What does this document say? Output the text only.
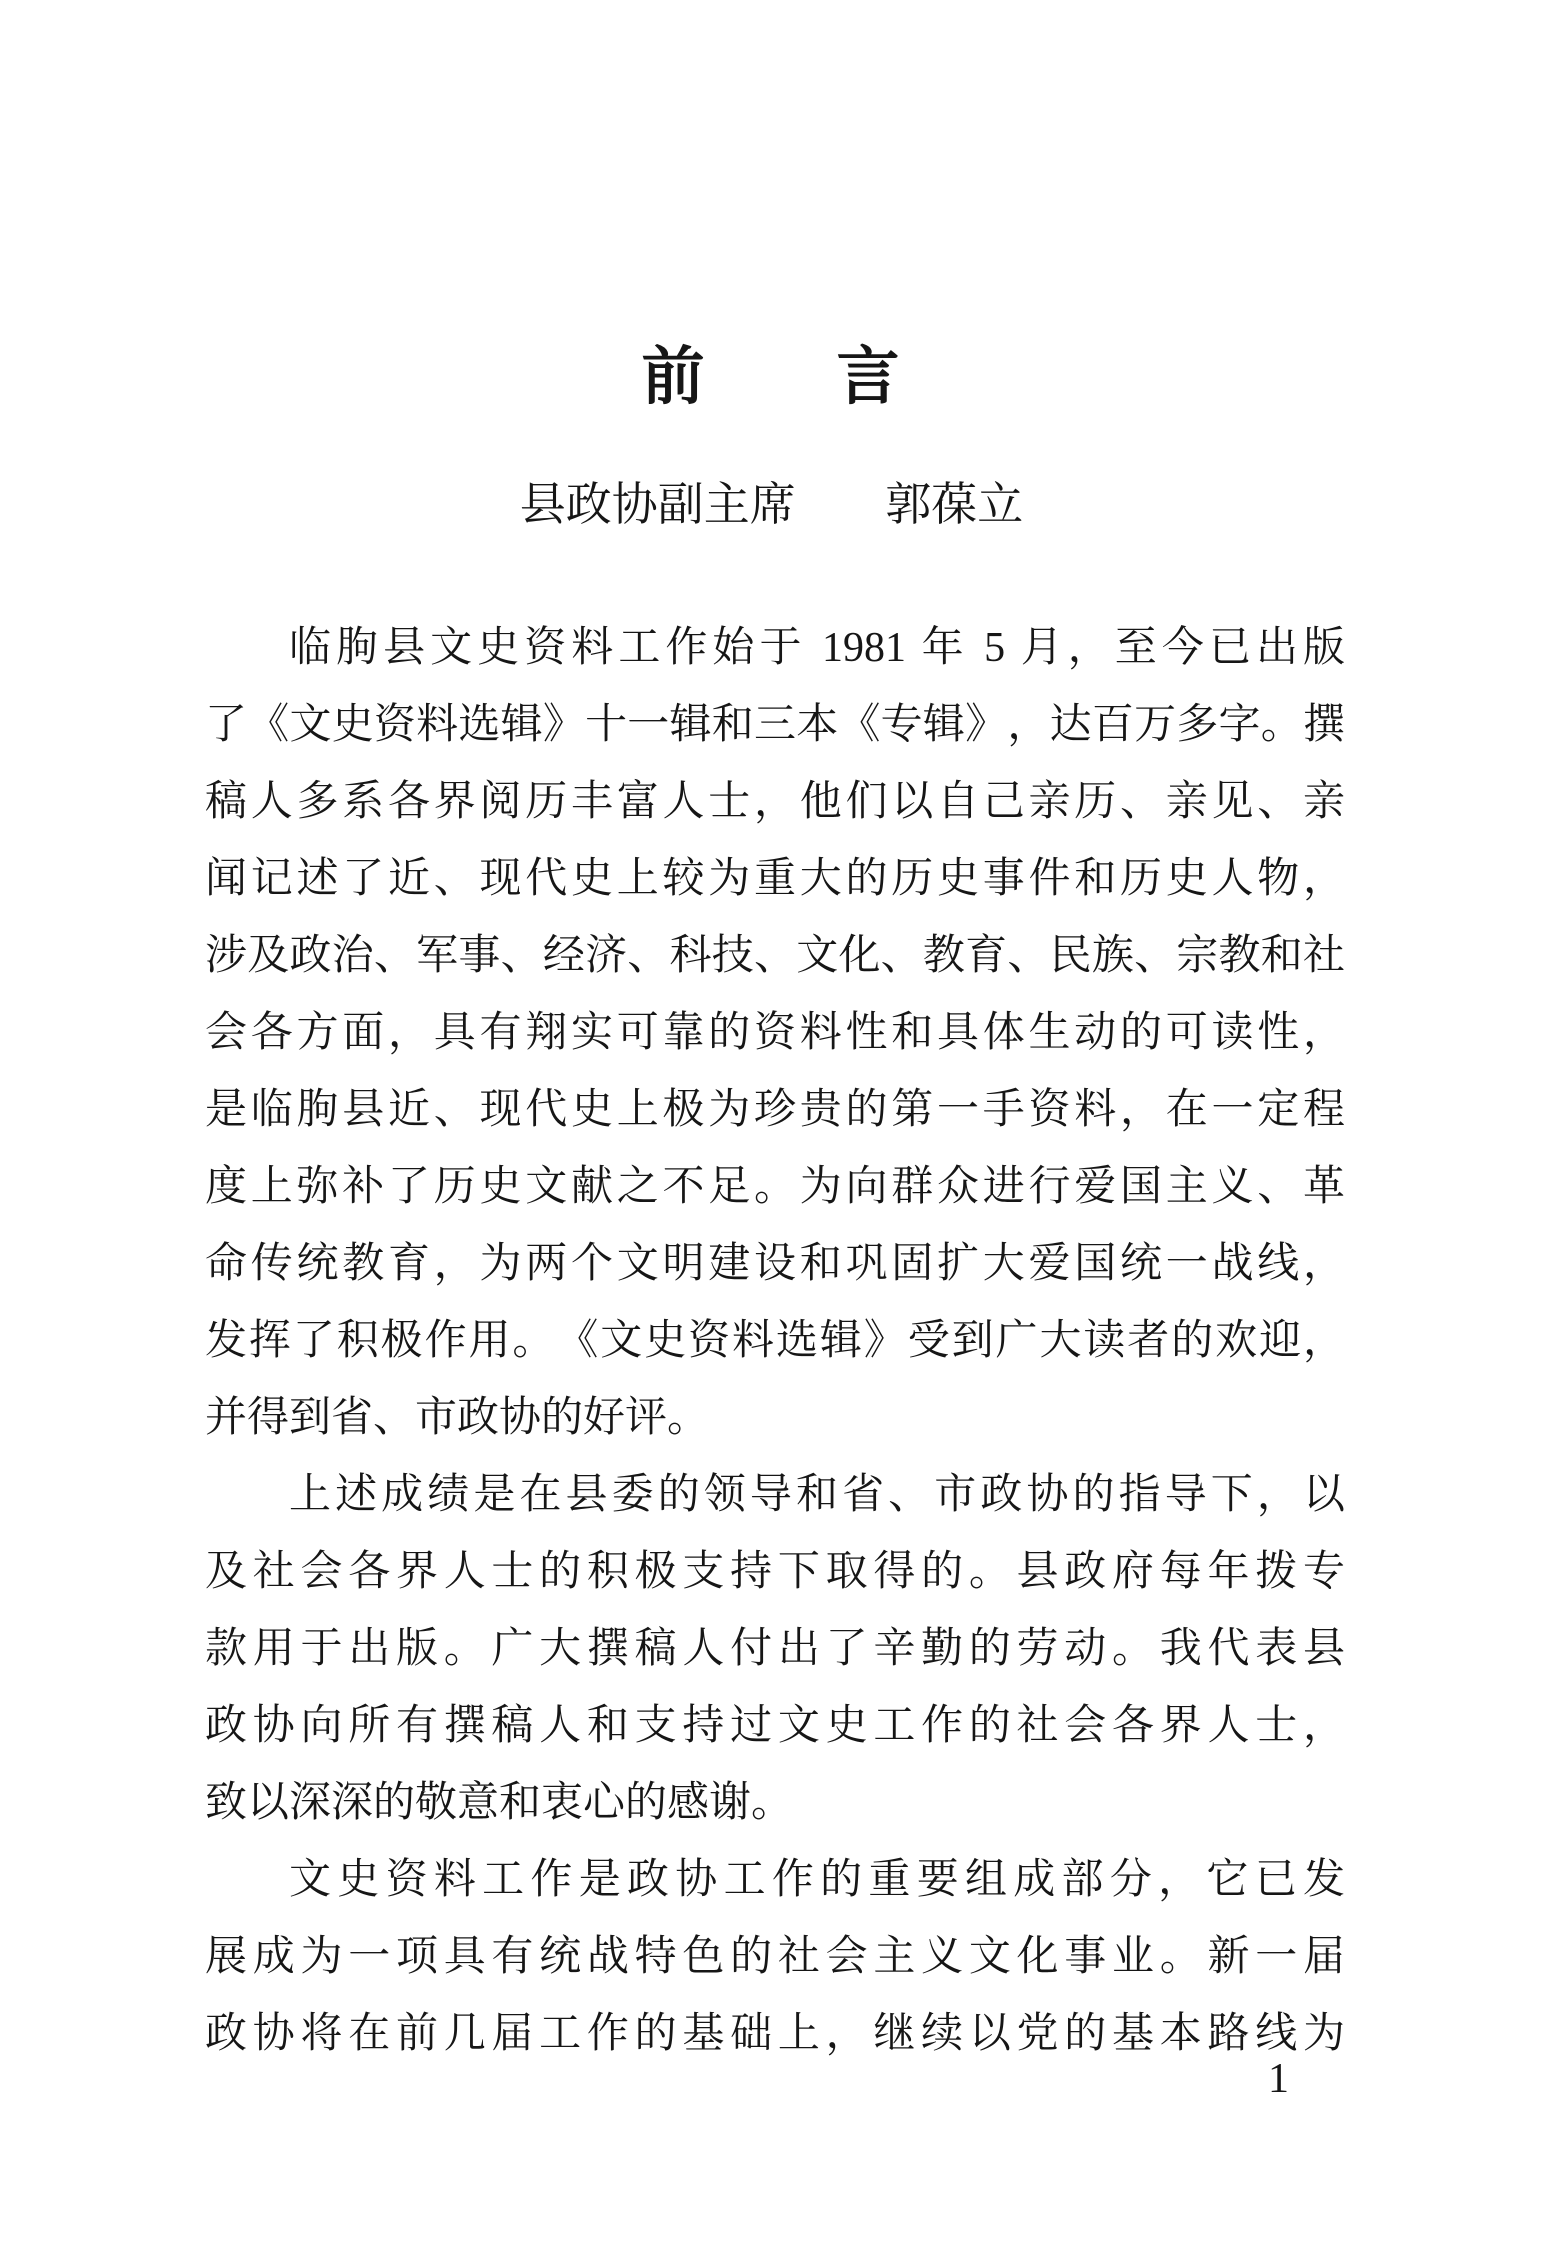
前　　言
县政协副主席 郭葆立
临朐县文史资料工作始于 1981 年 5 月，至今已出版
了《文史资料选辑》十一辑和三本《专辑》，达百万多字。撰
稿人多系各界阅历丰富人士，他们以自己亲历、亲见、亲
闻记述了近、现代史上较为重大的历史事件和历史人物，
涉及政治、军事、经济、科技、文化、教育、民族、宗教和社
会各方面，具有翔实可靠的资料性和具体生动的可读性，
是临朐县近、现代史上极为珍贵的第一手资料，在一定程
度上弥补了历史文献之不足。为向群众进行爱国主义、革
命传统教育，为两个文明建设和巩固扩大爱国统一战线，
发挥了积极作用。《文史资料选辑》受到广大读者的欢迎，
并得到省、市政协的好评。
上述成绩是在县委的领导和省、市政协的指导下，以
及社会各界人士的积极支持下取得的。县政府每年拨专
款用于出版。广大撰稿人付出了辛勤的劳动。我代表县
政协向所有撰稿人和支持过文史工作的社会各界人士，
致以深深的敬意和衷心的感谢。
文史资料工作是政协工作的重要组成部分，它已发
展成为一项具有统战特色的社会主义文化事业。新一届
政协将在前几届工作的基础上，继续以党的基本路线为
1
